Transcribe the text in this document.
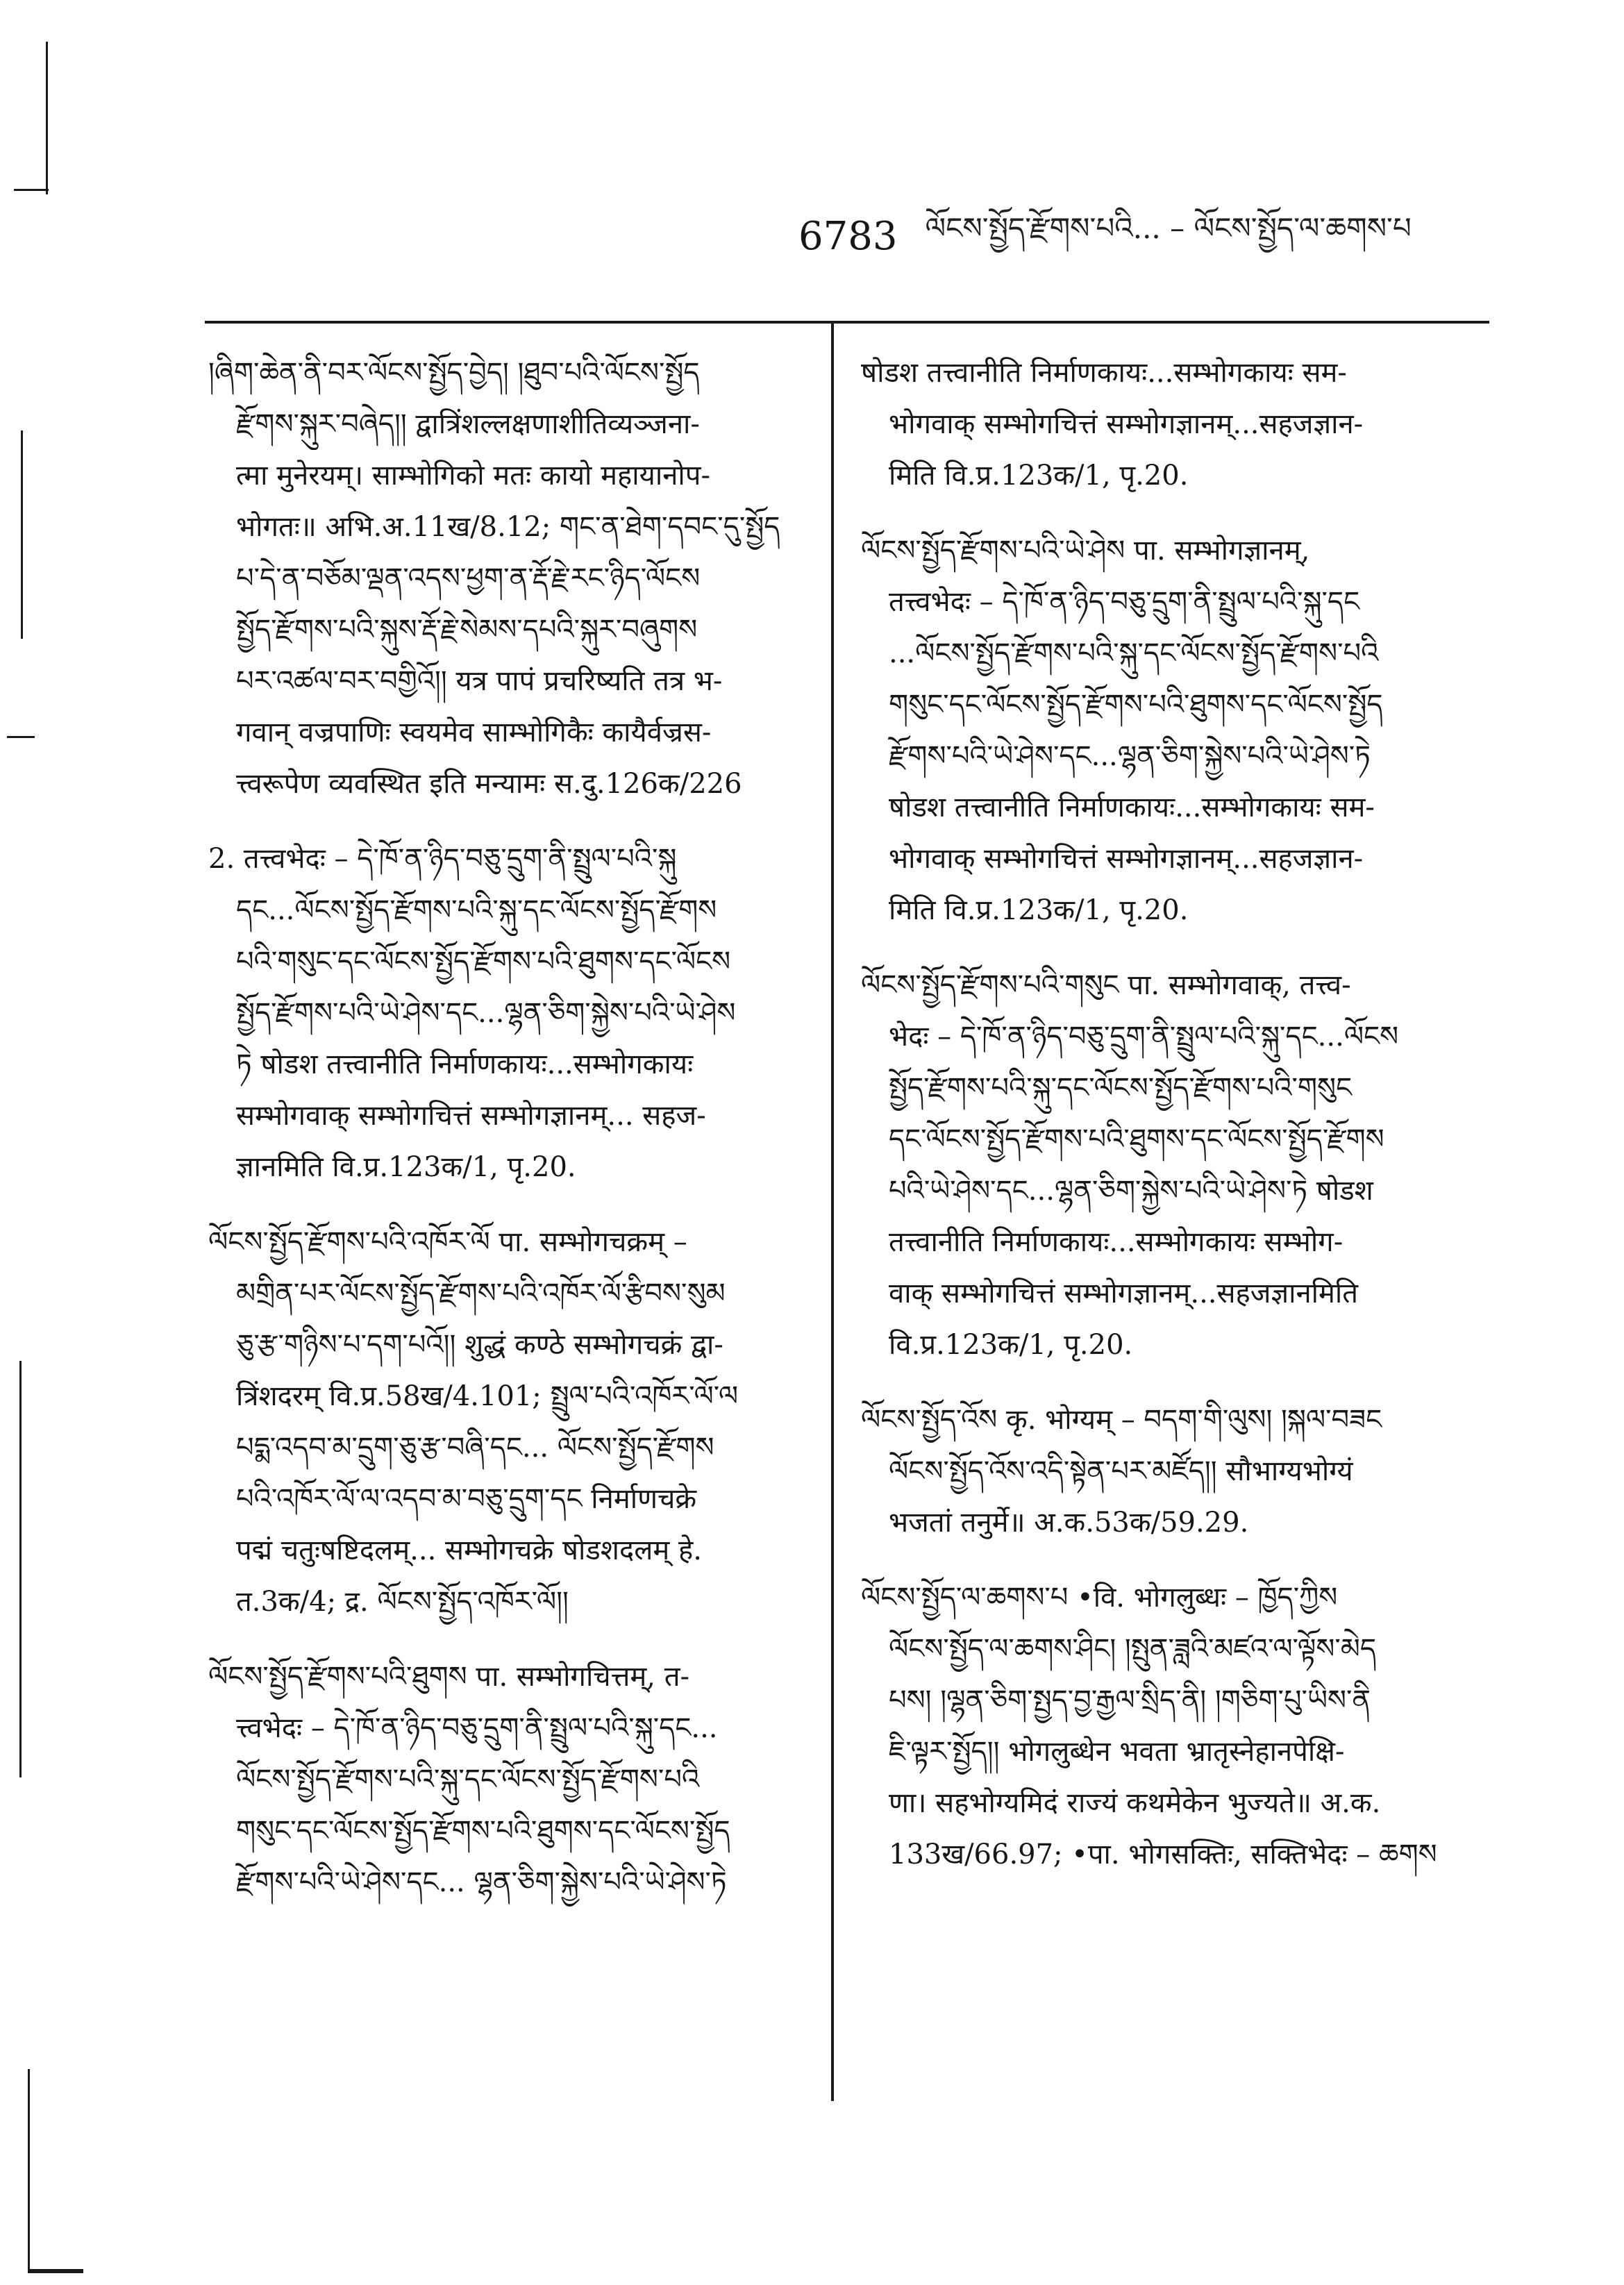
6783 ལོངས་སྤྱོད་རྫོགས་པའི... – ལོངས་སྤྱོད་ལ་ཆགས་པ
།ཞིག་ཆེན་ནི་བར་ལོངས་སྤྱོད་བྱེད། །ཐུབ་པའི་ལོངས་སྤྱོད
རྫོགས་སྐུར་བཞེད།། द्वात्रिंशल्लक्षणाशीतिव्यञ्जना-
त्मा मुनेरयम्। साम्भोगिको मतः कायो महायानोप-
भोगतः॥ अभि.अ.11ख/8.12; གང་ན་ཐེག་དབང་དུ་སྤྱོད
པ་དེ་ན་བཅོམ་ལྡན་འདས་ཕྱག་ན་རྡོ་རྗེ་རང་ཉིད་ལོངས
སྤྱོད་རྫོགས་པའི་སྐུས་རྡོ་རྗེ་སེམས་དཔའི་སྐུར་བཞུགས
པར་འཚལ་བར་བགྱིའོ།། यत्र पापं प्रचरिष्यति तत्र भ-
गवान् वज्रपाणिः स्वयमेव साम्भोगिकैः कायैर्वज्रस-
त्त्वरूपेण व्यवस्थित इति मन्यामः स.दु.126क/226
2. तत्त्वभेदः – དེ་ཁོ་ན་ཉིད་བཅུ་དྲུག་ནི་སྤྲུལ་པའི་སྐུ
དང...ལོངས་སྤྱོད་རྫོགས་པའི་སྐུ་དང་ལོངས་སྤྱོད་རྫོགས
པའི་གསུང་དང་ལོངས་སྤྱོད་རྫོགས་པའི་ཐུགས་དང་ལོངས
སྤྱོད་རྫོགས་པའི་ཡེ་ཤེས་དང...ལྷན་ཅིག་སྐྱེས་པའི་ཡེ་ཤེས
ཏེ षोडश तत्त्वानीति निर्माणकायः...सम्भोगकायः
सम्भोगवाक् सम्भोगचित्तं सम्भोगज्ञानम्... सहज-
ज्ञानमिति वि.प्र.123क/1, पृ.20.
ལོངས་སྤྱོད་རྫོགས་པའི་འཁོར་ལོ पा. सम्भोगचक्रम् –
མགྲིན་པར་ལོངས་སྤྱོད་རྫོགས་པའི་འཁོར་ལོ་རྩིབས་སུམ
ཅུ་རྩ་གཉིས་པ་དག་པའོ།། शुद्धं कण्ठे सम्भोगचक्रं द्वा-
त्रिंशदरम् वि.प्र.58ख/4.101; སྤྲུལ་པའི་འཁོར་ལོ་ལ
པདྨ་འདབ་མ་དྲུག་ཅུ་རྩ་བཞི་དང... ལོངས་སྤྱོད་རྫོགས
པའི་འཁོར་ལོ་ལ་འདབ་མ་བཅུ་དྲུག་དང निर्माणचक्रे
पद्मं चतुःषष्टिदलम्... सम्भोगचक्रे षोडशदलम् हे.
त.3क/4; द्र. ལོངས་སྤྱོད་འཁོར་ལོ།།
ལོངས་སྤྱོད་རྫོགས་པའི་ཐུགས पा. सम्भोगचित्तम्, त-
त्त्वभेदः – དེ་ཁོ་ན་ཉིད་བཅུ་དྲུག་ནི་སྤྲུལ་པའི་སྐུ་དང...
ལོངས་སྤྱོད་རྫོགས་པའི་སྐུ་དང་ལོངས་སྤྱོད་རྫོགས་པའི
གསུང་དང་ལོངས་སྤྱོད་རྫོགས་པའི་ཐུགས་དང་ལོངས་སྤྱོད
རྫོགས་པའི་ཡེ་ཤེས་དང... ལྷན་ཅིག་སྐྱེས་པའི་ཡེ་ཤེས་ཏེ
षोडश तत्त्वानीति निर्माणकायः...सम्भोगकायः सम-
भोगवाक् सम्भोगचित्तं सम्भोगज्ञानम्...सहजज्ञान-
मिति वि.प्र.123क/1, पृ.20.
ལོངས་སྤྱོད་རྫོགས་པའི་ཡེ་ཤེས पा. सम्भोगज्ञानम्,
तत्त्वभेदः – དེ་ཁོ་ན་ཉིད་བཅུ་དྲུག་ནི་སྤྲུལ་པའི་སྐུ་དང
...ལོངས་སྤྱོད་རྫོགས་པའི་སྐུ་དང་ལོངས་སྤྱོད་རྫོགས་པའི
གསུང་དང་ལོངས་སྤྱོད་རྫོགས་པའི་ཐུགས་དང་ལོངས་སྤྱོད
རྫོགས་པའི་ཡེ་ཤེས་དང...ལྷན་ཅིག་སྐྱེས་པའི་ཡེ་ཤེས་ཏེ
षोडश तत्त्वानीति निर्माणकायः...सम्भोगकायः सम-
भोगवाक् सम्भोगचित्तं सम्भोगज्ञानम्...सहजज्ञान-
मिति वि.प्र.123क/1, पृ.20.
ལོངས་སྤྱོད་རྫོགས་པའི་གསུང पा. सम्भोगवाक्, तत्त्व-
भेदः – དེ་ཁོ་ན་ཉིད་བཅུ་དྲུག་ནི་སྤྲུལ་པའི་སྐུ་དང...ལོངས
སྤྱོད་རྫོགས་པའི་སྐུ་དང་ལོངས་སྤྱོད་རྫོགས་པའི་གསུང
དང་ལོངས་སྤྱོད་རྫོགས་པའི་ཐུགས་དང་ལོངས་སྤྱོད་རྫོགས
པའི་ཡེ་ཤེས་དང...ལྷན་ཅིག་སྐྱེས་པའི་ཡེ་ཤེས་ཏེ षोडश
तत्त्वानीति निर्माणकायः...सम्भोगकायः सम्भोग-
वाक् सम्भोगचित्तं सम्भोगज्ञानम्...सहजज्ञानमिति
वि.प्र.123क/1, पृ.20.
ལོངས་སྤྱོད་འོས कृ. भोग्यम् – བདག་གི་ལུས། །སྐལ་བཟང
ལོངས་སྤྱོད་འོས་འདི་སྟེན་པར་མཛོད།། सौभाग्यभोग्यं
भजतां तनुर्मे॥ अ.क.53क/59.29.
ལོངས་སྤྱོད་ལ་ཆགས་པ •वि. भोगलुब्धः – ཁྱོད་ཀྱིས
ལོངས་སྤྱོད་ལ་ཆགས་ཤིང། །སྤུན་ཟླའི་མཛའ་ལ་ལྟོས་མེད
པས། །ལྷན་ཅིག་སྤྱད་བྱ་རྒྱལ་སྲིད་ནི། །གཅིག་པུ་ཡིས་ནི
ཇི་ལྟར་སྤྱོད།། भोगलुब्धेन भवता भ्रातृस्नेहानपेक्षि-
णा। सहभोग्यमिदं राज्यं कथमेकेन भुज्यते॥ अ.क.
133ख/66.97; •पा. भोगसक्तिः, सक्तिभेदः – ཆགས
